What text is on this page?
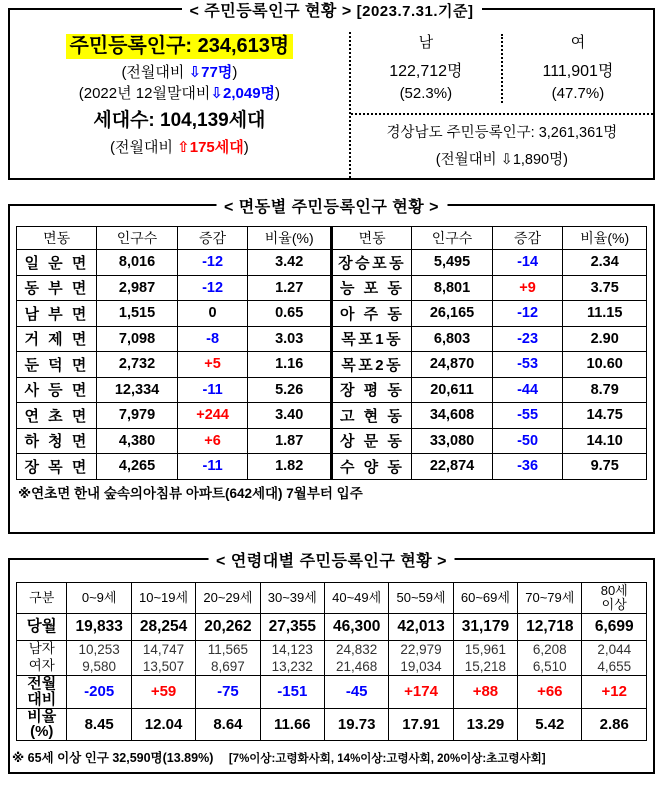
< 주민등록인구 현황 > [2023.7.31.기준]
주민등록인구: 234,613명
(전월대비 ⇩77명)
(2022년 12월말대비⇩2,049명)
세대수: 104,139세대
(전월대비 ⇧175세대)
남
122,712명
(52.3%)
여
111,901명
(47.7%)
경상남도 주민등록인구: 3,261,361명
(전월대비 ⇩1,890명)
< 면동별 주민등록인구 현황 >
면동	인구수	증감	비율(%)	면동	인구수	증감	비율(%)
일 운 면	8,016	-12	3.42	장승포동	5,495	-14	2.34
동 부 면	2,987	-12	1.27	능 포 동	8,801	+9	3.75
남 부 면	1,515	0	0.65	아 주 동	26,165	-12	11.15
거 제 면	7,098	-8	3.03	목포1동	6,803	-23	2.90
둔 덕 면	2,732	+5	1.16	목포2동	24,870	-53	10.60
사 등 면	12,334	-11	5.26	장 평 동	20,611	-44	8.79
연 초 면	7,979	+244	3.40	고 현 동	34,608	-55	14.75
하 청 면	4,380	+6	1.87	상 문 동	33,080	-50	14.10
장 목 면	4,265	-11	1.82	수 양 동	22,874	-36	9.75
※연초면 한내 숲속의아침뷰 아파트(642세대) 7월부터 입주
< 연령대별 주민등록인구 현황 >
구분	0~9세	10~19세	20~29세	30~39세	40~49세	50~59세	60~69세	70~79세	80세
이상

당월	19,833	28,254	20,262	27,355	46,300	42,013	31,179	12,718	6,699
남자	10,253	14,747	11,565	14,123	24,832	22,979	15,961	6,208	2,044
여자	9,580	13,507	8,697	13,232	21,468	19,034	15,218	6,510	4,655

전월
대비	-205	+59	-75	-151	-45	+174	+88	+66	+12

비율
(%)	8.45	12.04	8.64	11.66	19.73	17.91	13.29	5.42	2.86
※ 65세 이상 인구 32,590명(13.89%) [7%이상:고령화사회, 14%이상:고령사회, 20%이상:초고령사회]
